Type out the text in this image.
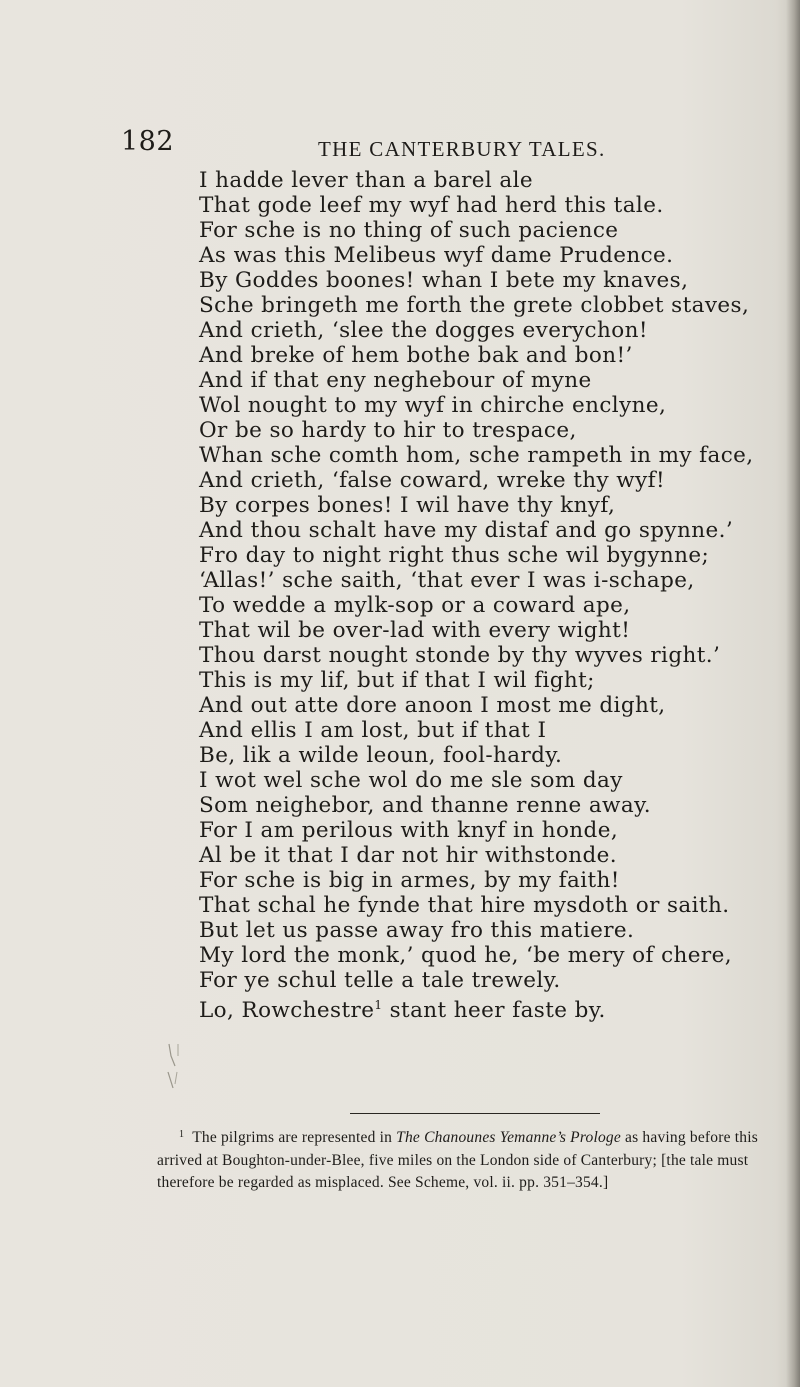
182	THE CANTERBURY TALES.
I hadde lever than a barel ale
That gode leef my wyf had herd this tale.
For sche is no thing of such pacience
As was this Melibeus wyf dame Prudence.
By Goddes boones! whan I bete my knaves,
Sche bringeth me forth the grete clobbet staves,
And crieth, ‘slee the dogges everychon!
And breke of hem bothe bak and bon!’
And if that eny neghebour of myne
Wol nought to my wyf in chirche enclyne,
Or be so hardy to hir to trespace,
Whan sche comth hom, sche rampeth in my face,
And crieth, ‘false coward, wreke thy wyf!
By corpes bones! I wil have thy knyf,
And thou schalt have my distaf and go spynne.’
Fro day to night right thus sche wil bygynne;
‘Allas!’ sche saith, ‘that ever I was i-schape,
To wedde a mylk-sop or a coward ape,
That wil be over-lad with every wight!
Thou darst nought stonde by thy wyves right.’
This is my lif, but if that I wil fight;
And out atte dore anoon I most me dight,
And ellis I am lost, but if that I
Be, lik a wilde leoun, fool-hardy.
I wot wel sche wol do me sle som day
Som neighebor, and thanne renne away.
For I am perilous with knyf in honde,
Al be it that I dar not hir withstonde.
For sche is big in armes, by my faith!
That schal he fynde that hire mysdoth or saith.
But let us passe away fro this matiere.
My lord the monk,’ quod he, ‘be mery of chere,
For ye schul telle a tale trewely.
Lo, Rowchestre$^1$ stant heer faste by.

$^1$ The pilgrims are represented in The Chanounes Yemanne’s Prologe as having before this arrived at Boughton-under-Blee, five miles on the London side of Canterbury; [the tale must therefore be regarded as misplaced. See Scheme, vol. ii. pp. 351–354.]
